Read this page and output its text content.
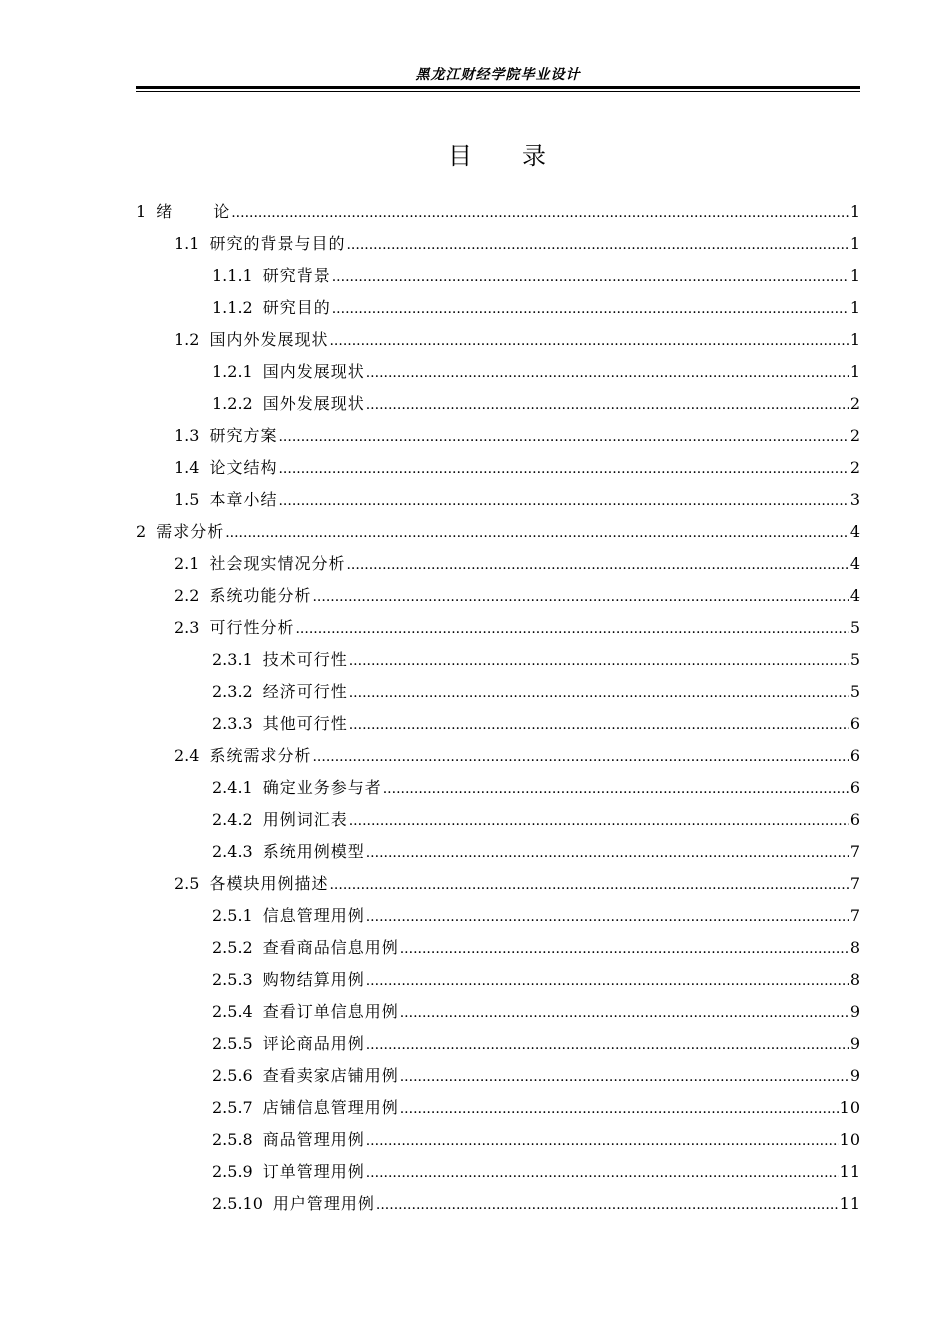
黑龙江财经学院毕业设计
目 录
1 绪	论 .....	1
1.1 研究的背景与目的 .....	1
1.1.1 研究背景 .....	1
1.1.2 研究目的 .....	1
1.2 国内外发展现状 .....	1
1.2.1 国内发展现状 .....	1
1.2.2 国外发展现状 .....	2
1.3 研究方案 .....	2
1.4 论文结构 .....	2
1.5 本章小结 .....	3
2 需求分析 .....	4
2.1 社会现实情况分析 .....	4
2.2 系统功能分析 .....	4
2.3 可行性分析 .....	5
2.3.1 技术可行性 .....	5
2.3.2 经济可行性 .....	5
2.3.3 其他可行性 .....	6
2.4 系统需求分析 .....	6
2.4.1 确定业务参与者 .....	6
2.4.2 用例词汇表 .....	6
2.4.3 系统用例模型 .....	7
2.5 各模块用例描述 .....	7
2.5.1 信息管理用例 .....	7
2.5.2 查看商品信息用例 .....	8
2.5.3 购物结算用例 .....	8
2.5.4 查看订单信息用例 .....	9
2.5.5 评论商品用例 .....	9
2.5.6 查看卖家店铺用例 .....	9
2.5.7 店铺信息管理用例 .....	10
2.5.8 商品管理用例 .....	10
2.5.9 订单管理用例 .....	11
2.5.10 用户管理用例 .....	11
